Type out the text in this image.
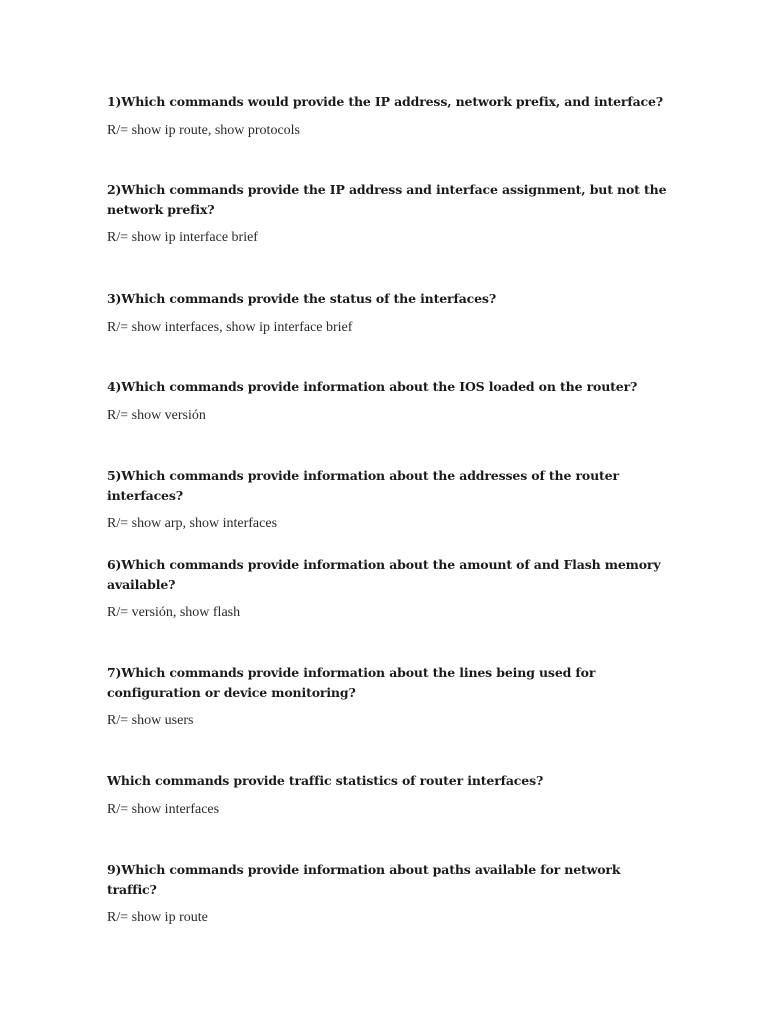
1)Which commands would provide the IP address, network prefix, and interface?

R/= show ip route, show protocols

2)Which commands provide the IP address and interface assignment, but not the network prefix?

R/= show ip interface brief

3)Which commands provide the status of the interfaces?

R/= show interfaces, show ip interface brief

4)Which commands provide information about the IOS loaded on the router?

R/= show versión

5)Which commands provide information about the addresses of the router interfaces?

R/= show arp, show interfaces

6)Which commands provide information about the amount of and Flash memory available?

R/= versión, show flash

7)Which commands provide information about the lines being used for configuration or device monitoring?

R/= show users

Which commands provide traffic statistics of router interfaces?

R/= show interfaces

9)Which commands provide information about paths available for network traffic?

R/= show ip route
